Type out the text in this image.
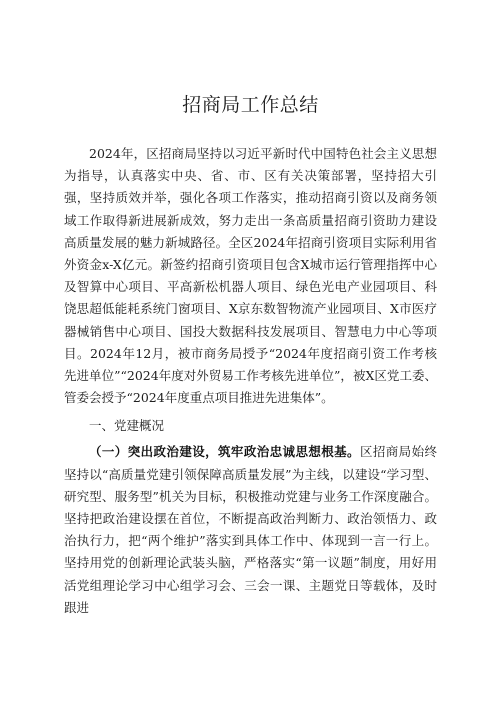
招商局工作总结

2024年，区招商局坚持以习近平新时代中国特色社会主义思想为指导，认真落实中央、省、市、区有关决策部署，坚持招大引强，坚持质效并举，强化各项工作落实，推动招商引资以及商务领域工作取得新进展新成效，努力走出一条高质量招商引资助力建设高质量发展的魅力新城路径。全区2024年招商引资项目实际利用省外资金x-X亿元。新签约招商引资项目包含X城市运行管理指挥中心及智算中心项目、平高新松机器人项目、绿色光电产业园项目、科饶思超低能耗系统门窗项目、X京东数智物流产业园项目、X市医疗器械销售中心项目、国投大数据科技发展项目、智慧电力中心等项目。2024年12月，被市商务局授予“2024年度招商引资工作考核先进单位”“2024年度对外贸易工作考核先进单位”，被X区党工委、管委会授予“2024年度重点项目推进先进集体”。

一、党建概况

（一）突出政治建设，筑牢政治忠诚思想根基。区招商局始终坚持以“高质量党建引领保障高质量发展”为主线，以建设“学习型、研究型、服务型”机关为目标，积极推动党建与业务工作深度融合。坚持把政治建设摆在首位，不断提高政治判断力、政治领悟力、政治执行力，把“两个维护”落实到具体工作中、体现到一言一行上。坚持用党的创新理论武装头脑，严格落实“第一议题”制度，用好用活党组理论学习中心组学习会、三会一课、主题党日等载体，及时跟进
